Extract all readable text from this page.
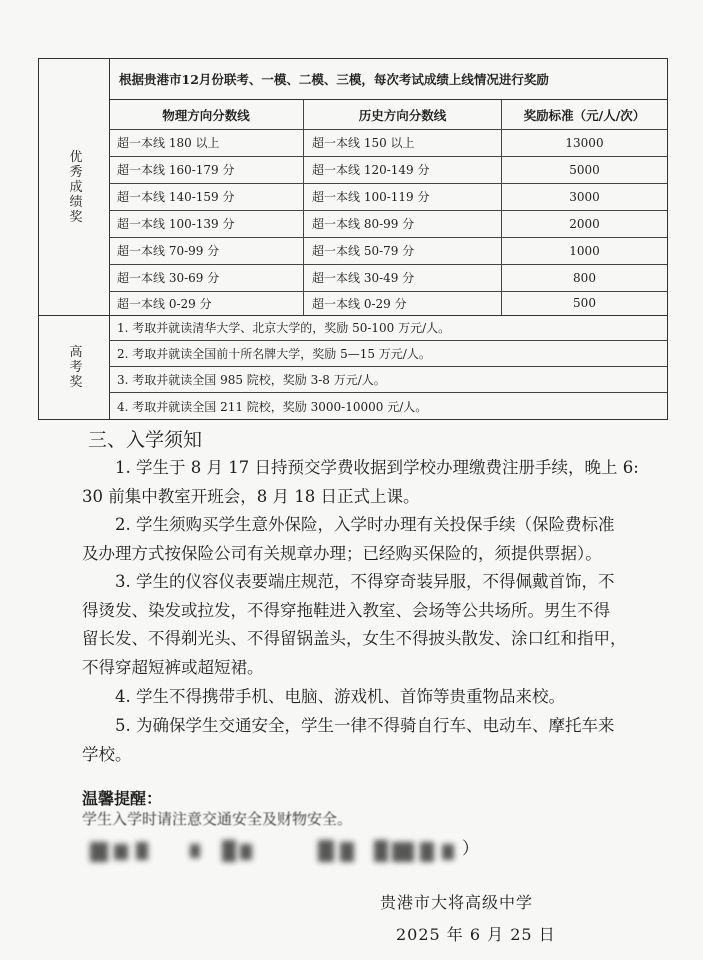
优秀成绩奖
高考奖
根据贵港市12月份联考、一模、二模、三模，每次考试成绩上线情况进行奖励
物理方向分数线	历史方向分数线	奖励标准（元/人/次）
超一本线 180 以上	超一本线 150 以上	13000
超一本线 160-179 分	超一本线 120-149 分	5000
超一本线 140-159 分	超一本线 100-119 分	3000
超一本线 100-139 分	超一本线 80-99 分	2000
超一本线 70-99 分	超一本线 50-79 分	1000
超一本线 30-69 分	超一本线 30-49 分	800
超一本线 0-29 分	超一本线 0-29 分	500
1. 考取并就读清华大学、北京大学的，奖励 50-100 万元/人。
2. 考取并就读全国前十所名牌大学，奖励 5—15 万元/人。
3. 考取并就读全国 985 院校，奖励 3-8 万元/人。
4. 考取并就读全国 211 院校，奖励 3000-10000 元/人。
三、入学须知
　　1. 学生于 8 月 17 日持预交学费收据到学校办理缴费注册手续，晚上 6:
30 前集中教室开班会，8 月 18 日正式上课。
　　2. 学生须购买学生意外保险，入学时办理有关投保手续（保险费标准
及办理方式按保险公司有关规章办理；已经购买保险的，须提供票据）。
　　3. 学生的仪容仪表要端庄规范，不得穿奇装异服，不得佩戴首饰，不
得烫发、染发或拉发，不得穿拖鞋进入教室、会场等公共场所。男生不得
留长发、不得剃光头、不得留锅盖头，女生不得披头散发、涂口红和指甲，
不得穿超短裤或超短裙。
　　4. 学生不得携带手机、电脑、游戏机、首饰等贵重物品来校。
　　5. 为确保学生交通安全，学生一律不得骑自行车、电动车、摩托车来
学校。
温馨提醒：
学生入学时请注意交通安全及财物安全。
）
贵港市大将高级中学
2025 年 6 月 25 日
